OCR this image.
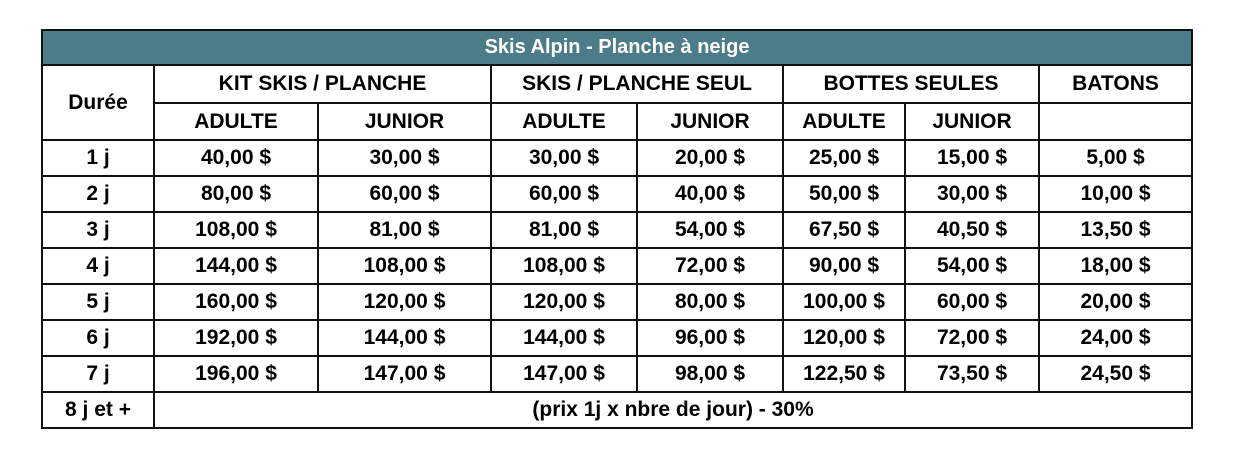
Skis Alpin - Planche à neige							
Durée	KIT SKIS / PLANCHE		SKIS / PLANCHE SEUL		BOTTES SEULES		BATONS
	ADULTE	JUNIOR	ADULTE	JUNIOR	ADULTE	JUNIOR	
1 j	40,00 $	30,00 $	30,00 $	20,00 $	25,00 $	15,00 $	5,00 $
2 j	80,00 $	60,00 $	60,00 $	40,00 $	50,00 $	30,00 $	10,00 $
3 j	108,00 $	81,00 $	81,00 $	54,00 $	67,50 $	40,50 $	13,50 $
4 j	144,00 $	108,00 $	108,00 $	72,00 $	90,00 $	54,00 $	18,00 $
5 j	160,00 $	120,00 $	120,00 $	80,00 $	100,00 $	60,00 $	20,00 $
6 j	192,00 $	144,00 $	144,00 $	96,00 $	120,00 $	72,00 $	24,00 $
7 j	196,00 $	147,00 $	147,00 $	98,00 $	122,50 $	73,50 $	24,50 $
8 j et +	(prix 1j x nbre de jour) - 30%						
